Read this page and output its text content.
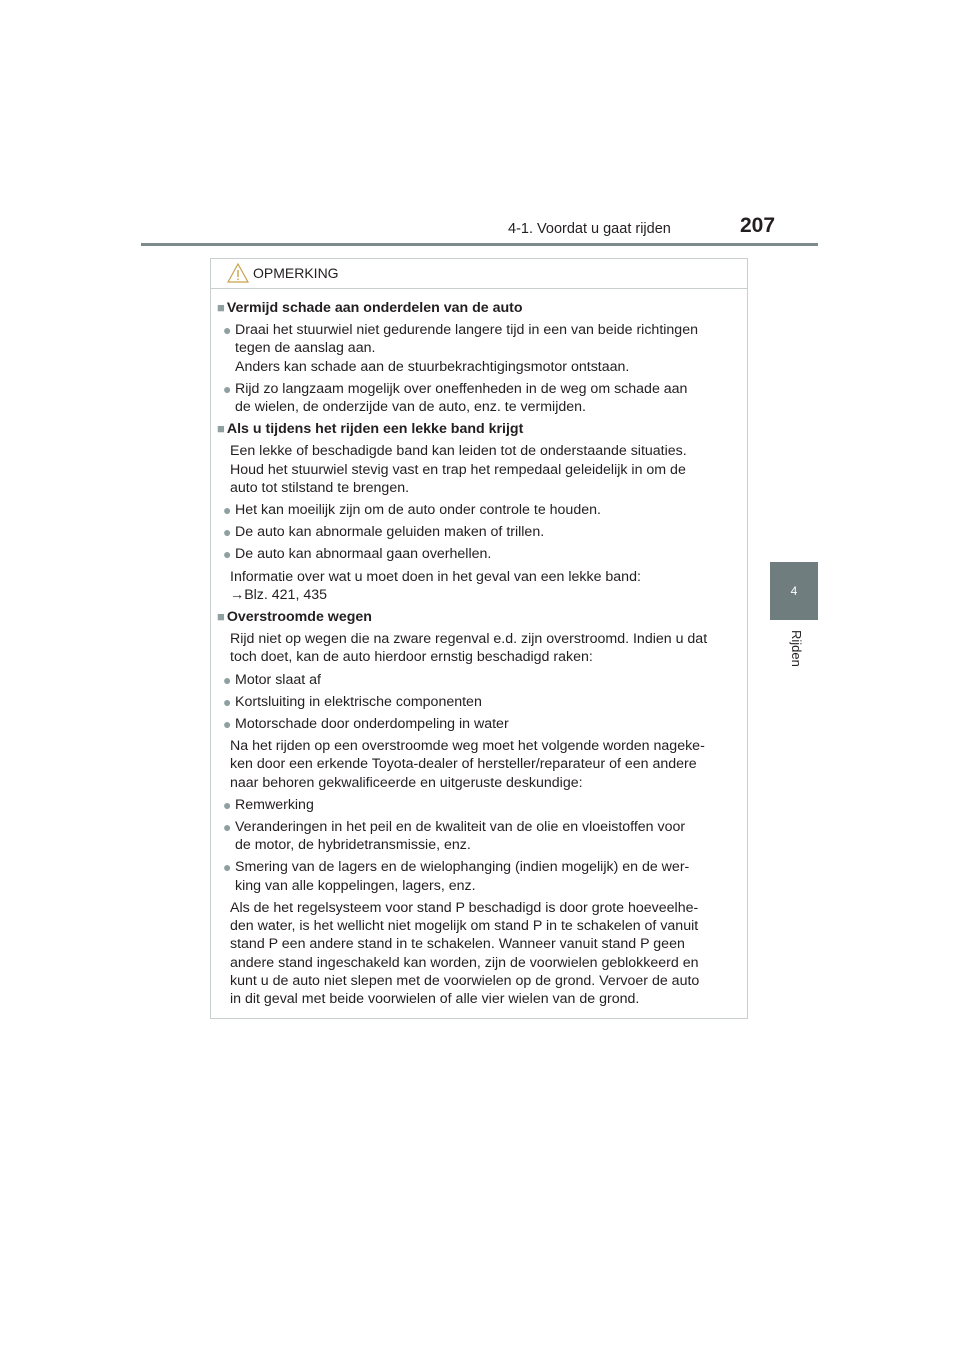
4-1. Voordat u gaat rijden	207
4
Rijden
OPMERKING
■ Vermijd schade aan onderdelen van de auto
● Draai het stuurwiel niet gedurende langere tijd in een van beide richtingen
tegen de aanslag aan.
Anders kan schade aan de stuurbekrachtigingsmotor ontstaan.
● Rijd zo langzaam mogelijk over oneffenheden in de weg om schade aan
de wielen, de onderzijde van de auto, enz. te vermijden.
■ Als u tijdens het rijden een lekke band krijgt
Een lekke of beschadigde band kan leiden tot de onderstaande situaties.
Houd het stuurwiel stevig vast en trap het rempedaal geleidelijk in om de
auto tot stilstand te brengen.
● Het kan moeilijk zijn om de auto onder controle te houden.
● De auto kan abnormale geluiden maken of trillen.
● De auto kan abnormaal gaan overhellen.
Informatie over wat u moet doen in het geval van een lekke band:
→Blz. 421, 435
■ Overstroomde wegen
Rijd niet op wegen die na zware regenval e.d. zijn overstroomd. Indien u dat
toch doet, kan de auto hierdoor ernstig beschadigd raken:
● Motor slaat af
● Kortsluiting in elektrische componenten
● Motorschade door onderdompeling in water
Na het rijden op een overstroomde weg moet het volgende worden nageke-
ken door een erkende Toyota-dealer of hersteller/reparateur of een andere
naar behoren gekwalificeerde en uitgeruste deskundige:
● Remwerking
● Veranderingen in het peil en de kwaliteit van de olie en vloeistoffen voor
de motor, de hybridetransmissie, enz.
● Smering van de lagers en de wielophanging (indien mogelijk) en de wer-
king van alle koppelingen, lagers, enz.
Als de het regelsysteem voor stand P beschadigd is door grote hoeveelhe-
den water, is het wellicht niet mogelijk om stand P in te schakelen of vanuit
stand P een andere stand in te schakelen. Wanneer vanuit stand P geen
andere stand ingeschakeld kan worden, zijn de voorwielen geblokkeerd en
kunt u de auto niet slepen met de voorwielen op de grond. Vervoer de auto
in dit geval met beide voorwielen of alle vier wielen van de grond.
